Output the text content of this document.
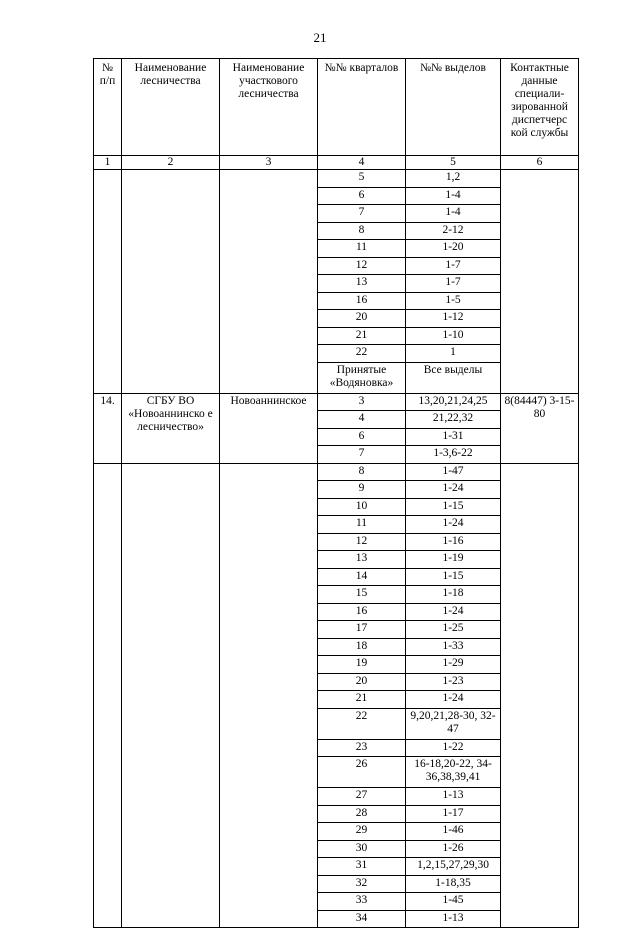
21
№ п/п	Наименование лесничества	Наименование участкового лесничества	№№ кварталов	№№ выделов	Контактные данные специали-зированной диспетчерс кой службы
1	2	3	4	5	6
			5	1,2	
			6	1-4	
			7	1-4	
			8	2-12	
			11	1-20	
			12	1-7	
			13	1-7	
			16	1-5	
			20	1-12	
			21	1-10	
			22	1	
			Принятые «Водяновка»	Все выделы	
14.	СГБУ ВО «Новоаннинско е лесничество»	Новоаннинское	3	13,20,21,24,25	8(84447) 3-15-80
			4	21,22,32	
			6	1-31	
			7	1-3,6-22	
			8	1-47	
			9	1-24	
			10	1-15	
			11	1-24	
			12	1-16	
			13	1-19	
			14	1-15	
			15	1-18	
			16	1-24	
			17	1-25	
			18	1-33	
			19	1-29	
			20	1-23	
			21	1-24	
			22	9,20,21,28-30, 32-47	
			23	1-22	
			26	16-18,20-22, 34-36,38,39,41	
			27	1-13	
			28	1-17	
			29	1-46	
			30	1-26	
			31	1,2,15,27,29,30	
			32	1-18,35	
			33	1-45	
			34	1-13	
